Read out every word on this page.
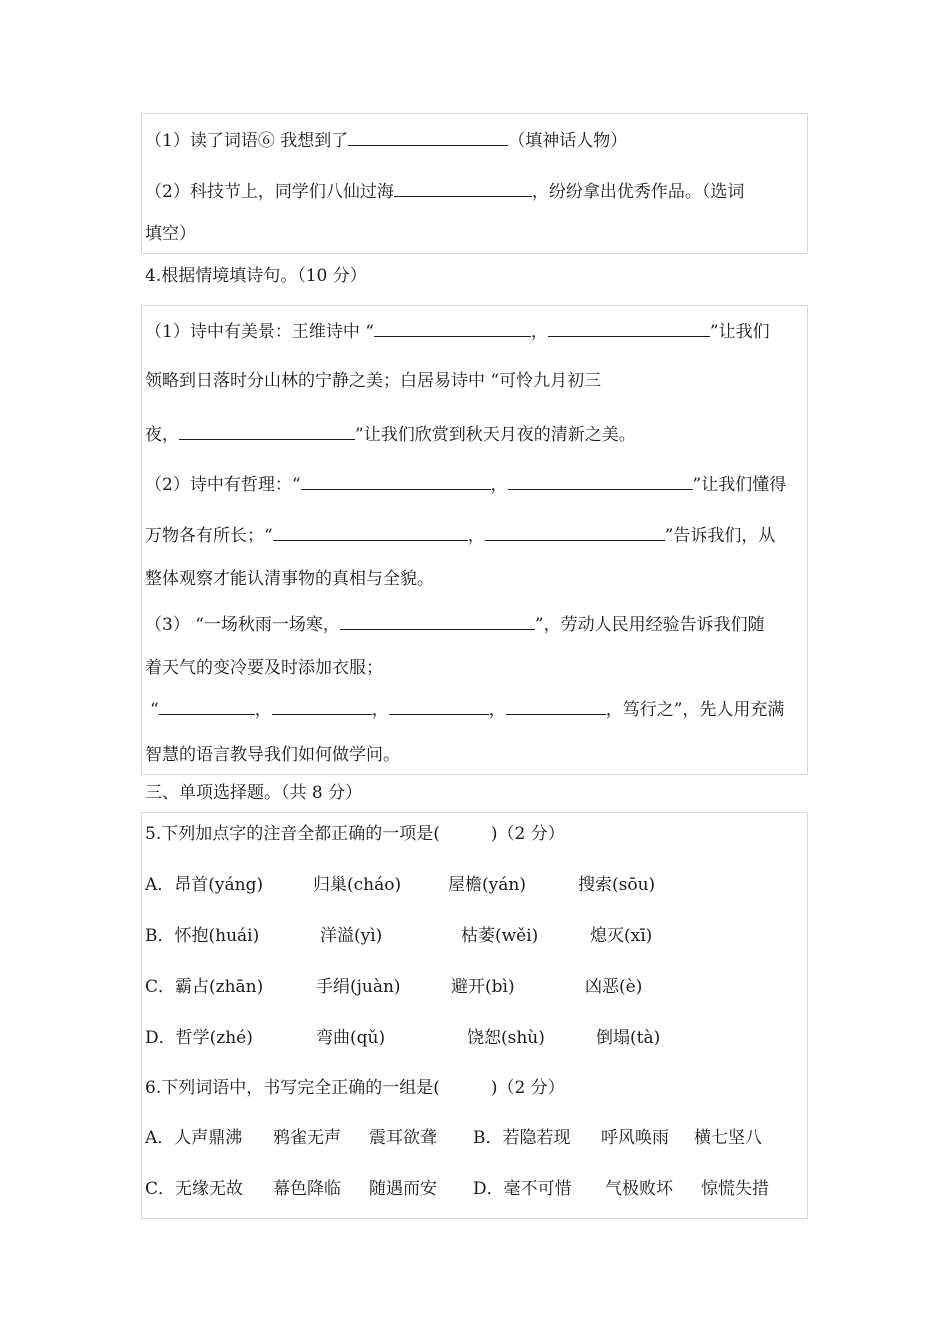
（1）读了词语⑥ 我想到了	（填神话人物）
（2）科技节上，同学们八仙过海	，纷纷拿出优秀作品。（选词
填空）
4.根据情境填诗句。（10 分）
（1）诗中有美景：王维诗中 “	，	”让我们
领略到日落时分山林的宁静之美；白居易诗中 “可怜九月初三
夜，	”让我们欣赏到秋天月夜的清新之美。
（2）诗中有哲理：“	，	”让我们懂得
万物各有所长；“	，	”告诉我们，从
整体观察才能认清事物的真相与全貌。
（3） “一场秋雨一场寒，	”，劳动人民用经验告诉我们随
着天气的变冷要及时添加衣服；
“	，	，	，	，笃行之”，先人用充满
智慧的语言教导我们如何做学问。
三、单项选择题。（共 8 分）
5.下列加点字的注音全都正确的一项是(　　　)（2 分）
A．昂首(yáng)	归巢(cháo)	屋檐(yán)	搜索(sōu)
B．怀抱(huái)	洋溢(yì)	枯萎(wěi)	熄灭(xī)
C．霸占(zhān)	手绢(juàn)	避开(bì)	凶恶(è)
D．哲学(zhé)	弯曲(qǔ)	饶恕(shù)	倒塌(tà)
6.下列词语中，书写完全正确的一组是(　　　)（2 分）
A．人声鼎沸 鸦雀无声 震耳欲聋 B．若隐若现 呼风唤雨 横七坚八
C．无缘无故 幕色降临 随遇而安 D．毫不可惜 气极败坏 惊慌失措
